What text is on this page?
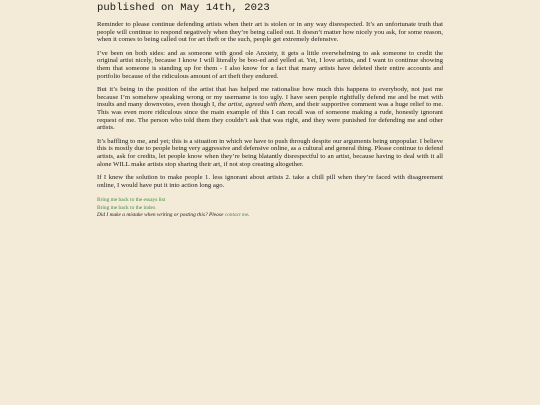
published on May 14th, 2023

Reminder to please continue defending artists when their art is stolen or in any way disrespected. It’s an unfortunate truth that people will continue to respond negatively when they’re being called out. It doesn’t matter how nicely you ask, for some reason, when it comes to being called out for art theft or the such, people get extremely defensive.

I’ve been on both sides: and as someone with good ole Anxiety, it gets a little overwhelming to ask someone to credit the original artist nicely, because I know I will literally be boo-ed and yelled at. Yet, I love artists, and I want to continue showing them that someone is standing up for them - I also know for a fact that many artists have deleted their entire accounts and portfolio because of the ridiculous amount of art theft they endured.

But it’s being in the position of the artist that has helped me rationalise how much this happens to everybody, not just me because I’m somehow speaking wrong or my username is too ugly. I have seen people rightfully defend me and be met with insults and many downvotes, even though I, the artist, agreed with them, and their supportive comment was a huge relief to me. This was even more ridiculous since the main example of this I can recall was of someone making a rude, honestly ignorant request of me. The person who told them they couldn’t ask that was right, and they were punished for defending me and other artists.

It’s baffling to me, and yet; this is a situation in which we have to push through despite our arguments being unpopular. I believe this is mostly due to people being very aggressive and defensive online, as a cultural and general thing. Please continue to defend artists, ask for credits, let people know when they’re being blatantly disrespectful to an artist, because having to deal with it all alone WILL make artists stop sharing their art, if not stop creating altogether.

If I knew the solution to make people 1. less ignorant about artists 2. take a chill pill when they’re faced with disagreement online, I would have put it into action long ago.

Bring me back to the essays list
Bring me back to the index
Did I make a mistake when writing or posting this? Please contact me.
